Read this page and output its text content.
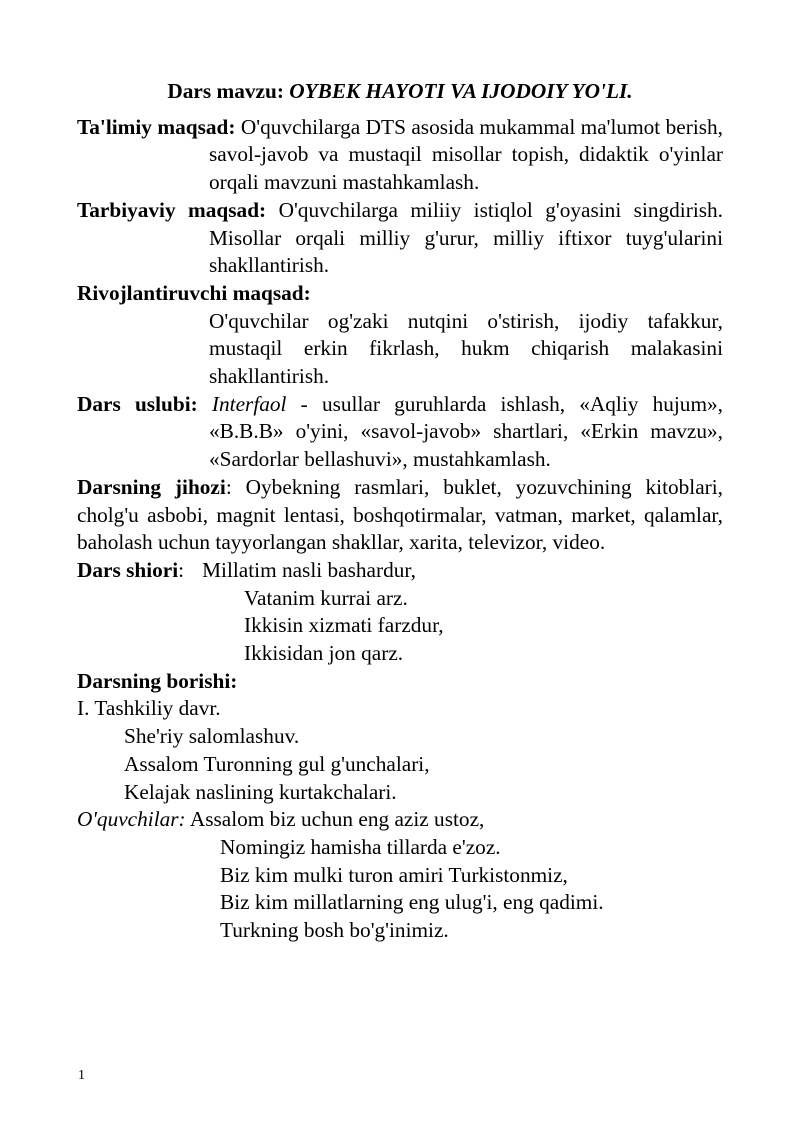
Dars mavzu: OYBEK HAYOTI VA IJODOIY YO'LI.
Ta'limiy maqsad: O'quvchilarga DTS asosida mukammal ma'lumot berish, savol-javob va mustaqil misollar topish, didaktik o'yinlar orqali mavzuni mastahkamlash.
Tarbiyaviy maqsad: O'quvchilarga miliiy istiqlol g'oyasini singdirish. Misollar orqali milliy g'urur, milliy iftixor tuyg'ularini shakllantirish.
Rivojlantiruvchi maqsad:
O'quvchilar og'zaki nutqini o'stirish, ijodiy tafakkur, mustaqil erkin fikrlash, hukm chiqarish malakasini shakllantirish.
Dars uslubi: Interfaol - usullar guruhlarda ishlash, «Aqliy hujum», «B.B.B» o'yini, «savol-javob» shartlari, «Erkin mavzu», «Sardorlar bellashuvi», mustahkamlash.
Darsning jihozi: Oybekning rasmlari, buklet, yozuvchining kitoblari, cholg'u asbobi, magnit lentasi, boshqotirmalar, vatman, market, qalamlar, baholash uchun tayyorlangan shakllar, xarita, televizor, video.
Dars shiori: Millatim nasli bashardur,
Vatanim kurrai arz.
Ikkisin xizmati farzdur,
Ikkisidan jon qarz.
Darsning borishi:
I. Tashkiliy davr.
She'riy salomlashuv.
Assalom Turonning gul g'unchalari,
Kelajak naslining kurtakchalari.
O'quvchilar: Assalom biz uchun eng aziz ustoz,
Nomingiz hamisha tillarda e'zoz.
Biz kim mulki turon amiri Turkistonmiz,
Biz kim millatlarning eng ulug'i, eng qadimi.
Turkning bosh bo'g'inimiz.
1
